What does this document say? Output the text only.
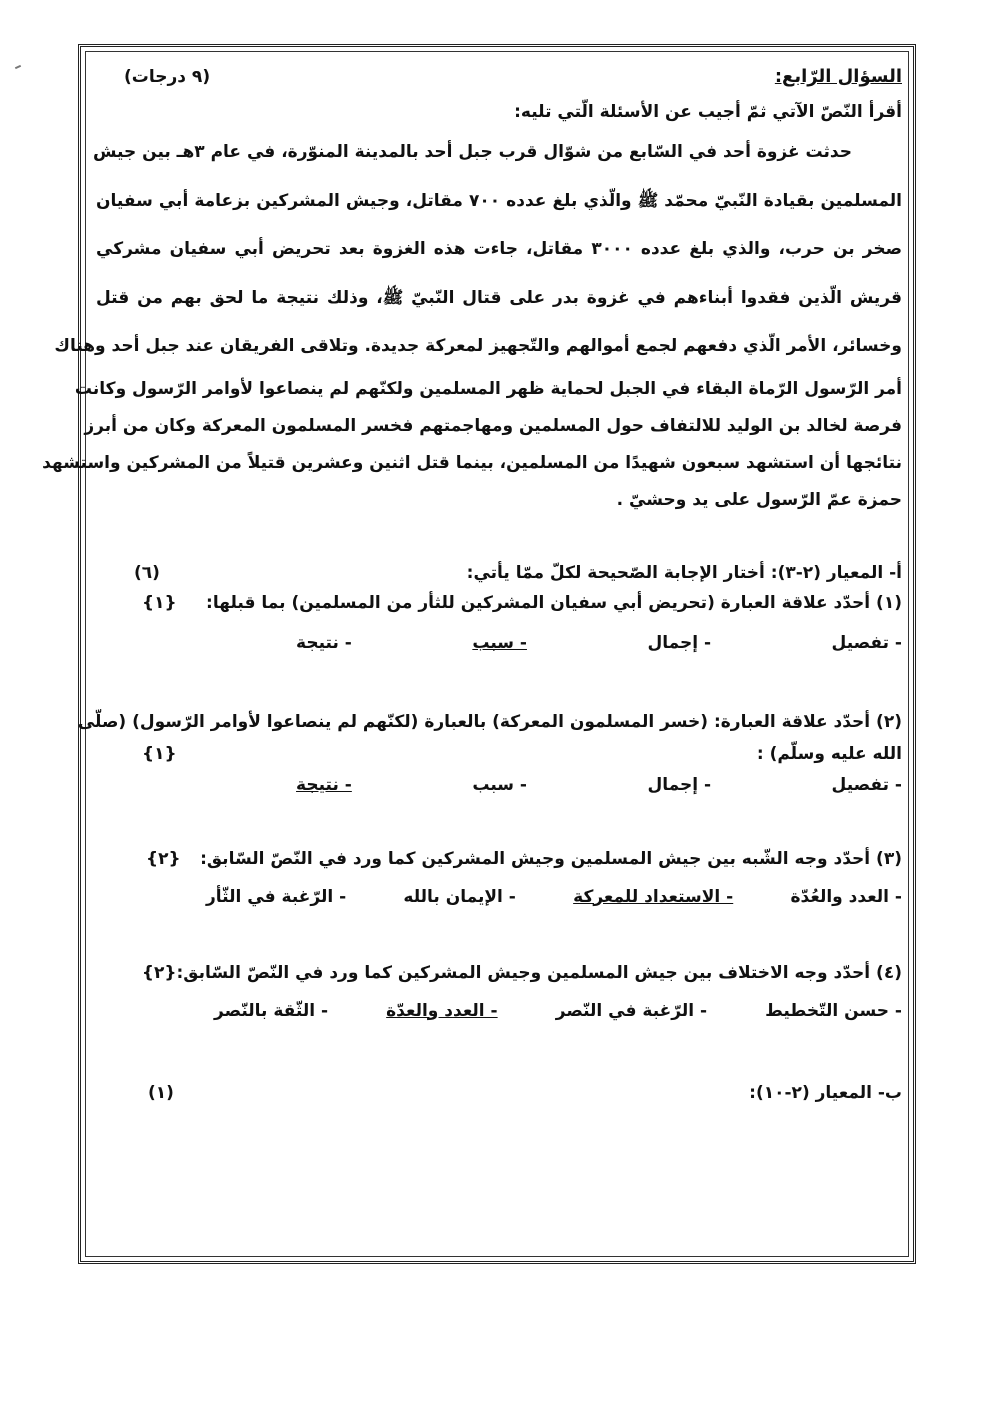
السؤال الرّابع:
(٩ درجات)
أقرأ النّصّ الآتي ثمّ أجيب عن الأسئلة الّتي تليه:
حدثت غزوة أحد في السّابع من شوّال قرب جبل أحد بالمدينة المنوّرة، في عام ٣هـ بين جيش
المسلمين بقيادة النّبيّ محمّد ﷺ والّذي بلغ عدده ٧٠٠ مقاتل، وجيش المشركين بزعامة أبي سفيان
صخر بن حرب، والذي بلغ عدده ٣٠٠٠ مقاتل، جاءت هذه الغزوة بعد تحريض أبي سفيان مشركي
قريش الّذين فقدوا أبناءهم في غزوة بدر على قتال النّبيّ ﷺ، وذلك نتيجة ما لحق بهم من قتل
وخسائر، الأمر الّذي دفعهم لجمع أموالهم والتّجهيز لمعركة جديدة. وتلاقى الفريقان عند جبل أحد وهناك
أمر الرّسول الرّماة البقاء في الجبل لحماية ظهر المسلمين ولكنّهم لم ينصاعوا لأوامر الرّسول وكانت
فرصة لخالد بن الوليد للالتفاف حول المسلمين ومهاجمتهم فخسر المسلمون المعركة وكان من أبرز
نتائجها أن استشهد سبعون شهيدًا من المسلمين، بينما قتل اثنين وعشرين قتيلاً من المشركين واستشهد
حمزة عمّ الرّسول على يد وحشيّ .
أ- المعيار (٢-٣): أختار الإجابة الصّحيحة لكلّ ممّا يأتي:
(٦)
(١) أحدّد علاقة العبارة (تحريض أبي سفيان المشركين للثأر من المسلمين) بما قبلها:
{١}
- تفصيل
- إجمال
- سبب
- نتيجة
(٢) أحدّد علاقة العبارة: (خسر المسلمون المعركة) بالعبارة (لكنّهم لم ينصاعوا لأوامر الرّسول) (صلّى
الله عليه وسلّم) :
{١}
- تفصيل
- إجمال
- سبب
- نتيجة
(٣) أحدّد وجه الشّبه بين جيش المسلمين وجيش المشركين كما ورد في النّصّ السّابق:
{٢}
- العدد والعُدّة
- الاستعداد للمعركة
- الإيمان بالله
- الرّغبة في الثّأر
(٤) أحدّد وجه الاختلاف بين جيش المسلمين وجيش المشركين كما ورد في النّصّ السّابق:
{٢}
- حسن التّخطيط
- الرّغبة في النّصر
- العدد والعدّة
- الثّقة بالنّصر
ب- المعيار (٢-١٠):
(١)
